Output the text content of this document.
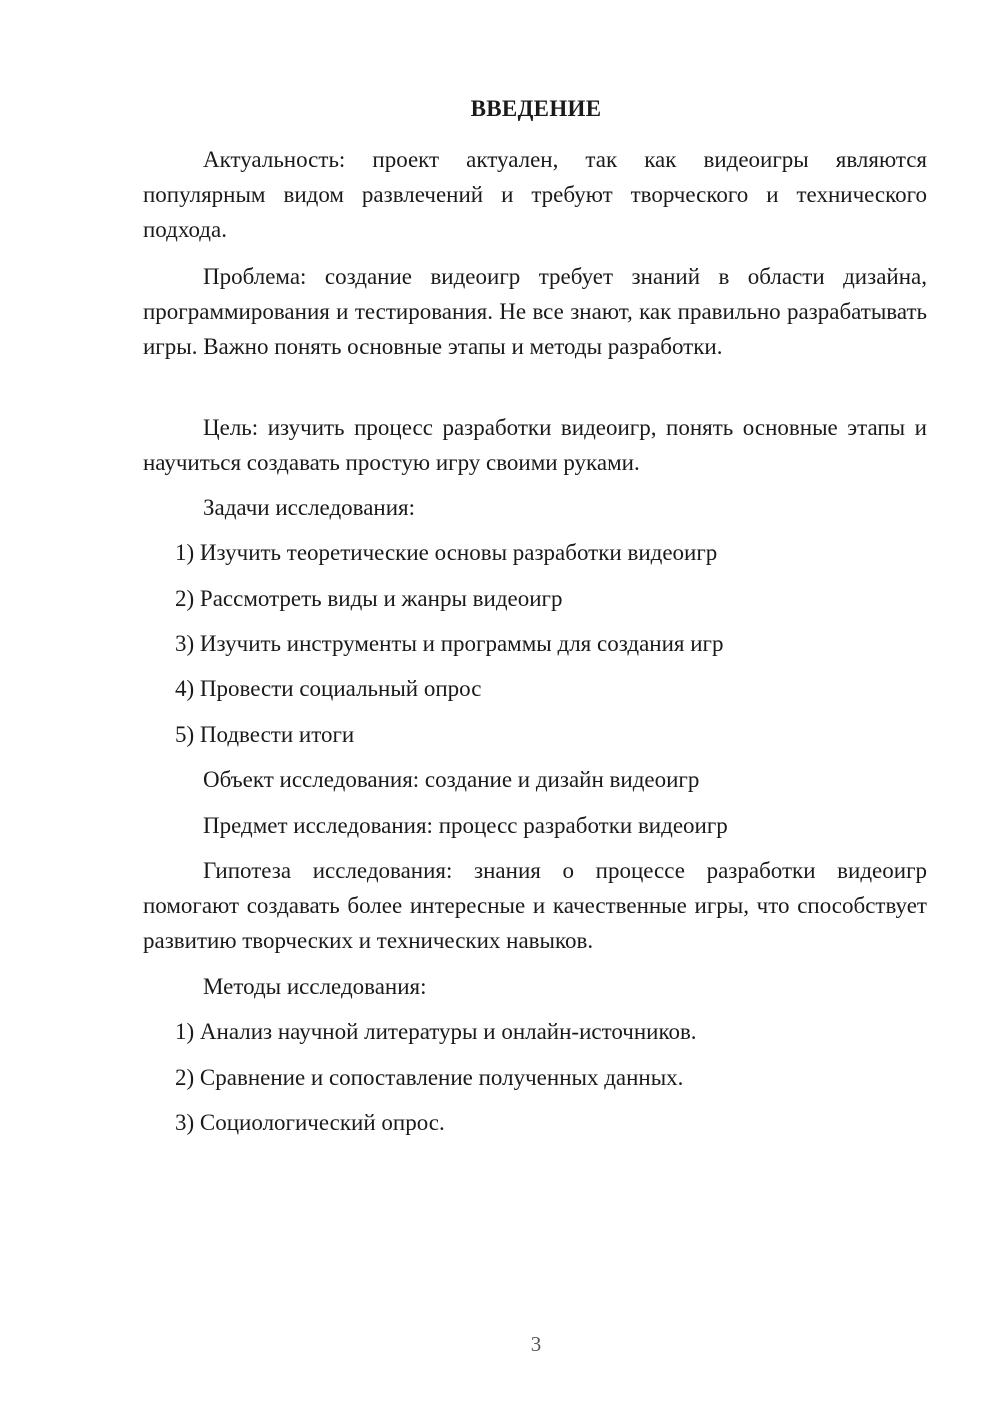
ВВЕДЕНИЕ
Актуальность: проект актуален, так как видеоигры являются популярным видом развлечений и требуют творческого и технического подхода.
Проблема: создание видеоигр требует знаний в области дизайна, программирования и тестирования. Не все знают, как правильно разрабатывать игры. Важно понять основные этапы и методы разработки.
Цель: изучить процесс разработки видеоигр, понять основные этапы и научиться создавать простую игру своими руками.
Задачи исследования:
1) Изучить теоретические основы разработки видеоигр
2) Рассмотреть виды и жанры видеоигр
3) Изучить инструменты и программы для создания игр
4) Провести социальный опрос
5) Подвести итоги
Объект исследования: создание и дизайн видеоигр
Предмет исследования: процесс разработки видеоигр
Гипотеза исследования: знания о процессе разработки видеоигр помогают создавать более интересные и качественные игры, что способствует развитию творческих и технических навыков.
Методы исследования:
1) Анализ научной литературы и онлайн-источников.
2) Сравнение и сопоставление полученных данных.
3) Социологический опрос.
3
